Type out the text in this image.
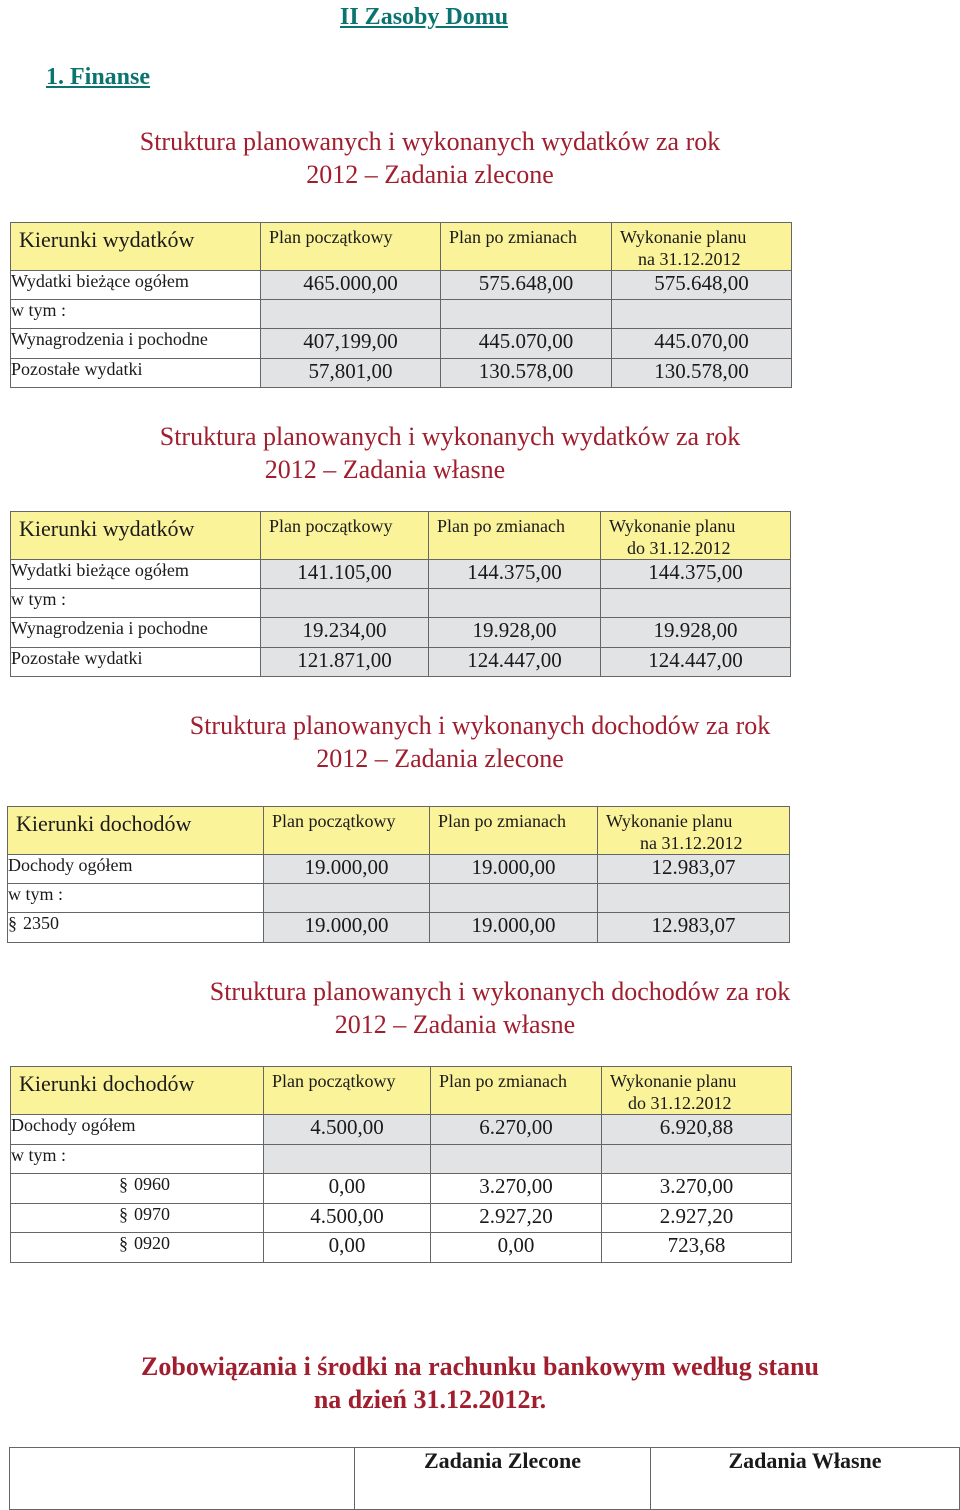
II Zasoby Domu
1. Finanse
Struktura planowanych i wykonanych wydatków za rok
2012 – Zadania zlecone
Kierunki wydatków	Plan początkowy	Plan po zmianach	Wykonanie planu
na 31.12.2012

Wydatki bieżące ogółem	465.000,00	575.648,00	575.648,00
w tym :			
Wynagrodzenia i pochodne	407,199,00	445.070,00	445.070,00
Pozostałe wydatki	57,801,00	130.578,00	130.578,00
Struktura planowanych i wykonanych wydatków za rok
2012 – Zadania własne
Kierunki wydatków	Plan początkowy	Plan po zmianach	Wykonanie planu
do 31.12.2012

Wydatki bieżące ogółem	141.105,00	144.375,00	144.375,00
w tym :			
Wynagrodzenia i pochodne	19.234,00	19.928,00	19.928,00
Pozostałe wydatki	121.871,00	124.447,00	124.447,00
Struktura planowanych i wykonanych dochodów za rok
2012 – Zadania zlecone
Kierunki dochodów	Plan początkowy	Plan po zmianach	Wykonanie planu
na 31.12.2012

Dochody ogółem	19.000,00	19.000,00	12.983,07
w tym :			
§ 2350	19.000,00	19.000,00	12.983,07
Struktura planowanych i wykonanych dochodów za rok
2012 – Zadania własne
Kierunki dochodów	Plan początkowy	Plan po zmianach	Wykonanie planu
do 31.12.2012

Dochody ogółem	4.500,00	6.270,00	6.920,88
w tym :			
§ 0960	0,00	3.270,00	3.270,00
§ 0970	4.500,00	2.927,20	2.927,20
§ 0920	0,00	0,00	723,68
Zobowiązania i środki na rachunku bankowym według stanu
na dzień 31.12.2012r.
	Zadania Zlecone	Zadania Własne
